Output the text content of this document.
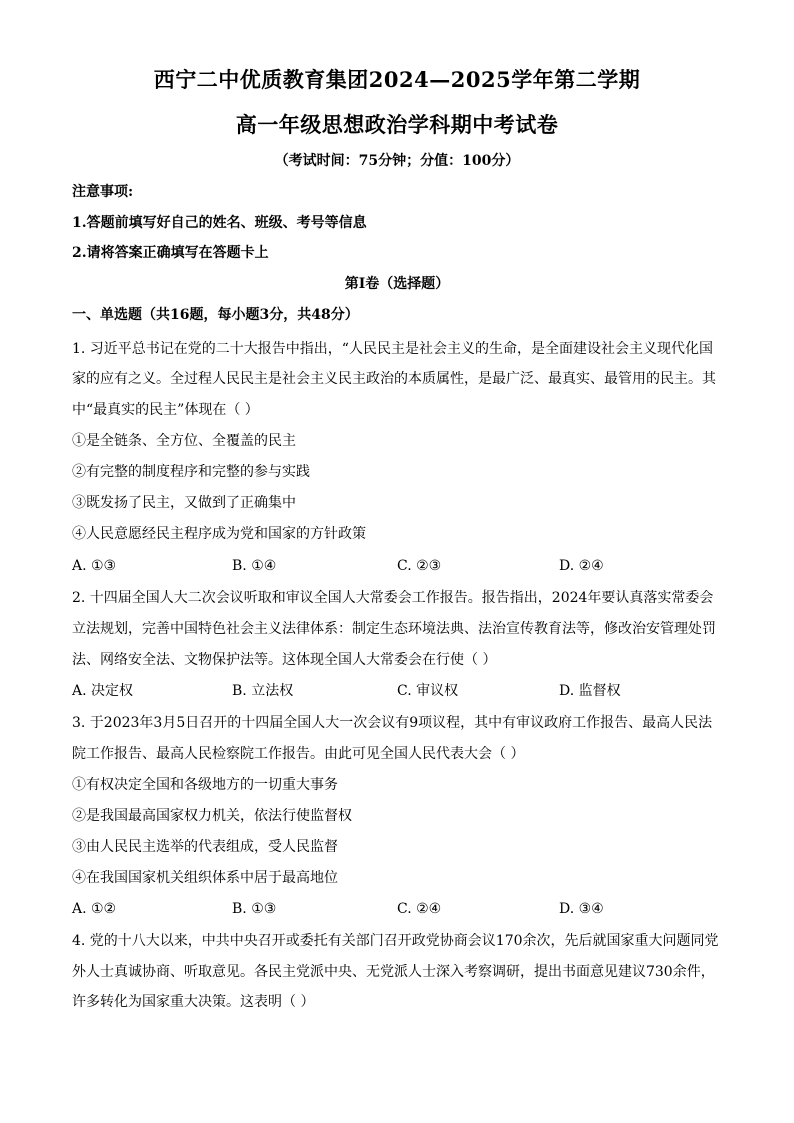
西宁二中优质教育集团2024—2025学年第二学期
高一年级思想政治学科期中考试卷
（考试时间：75分钟；分值：100分）
注意事项:
1.答题前填写好自己的姓名、班级、考号等信息
2.请将答案正确填写在答题卡上
第Ⅰ卷（选择题）
一、单选题（共16题，每小题3分，共48分）
1. 习近平总书记在党的二十大报告中指出，“人民民主是社会主义的生命，是全面建设社会主义现代化国
家的应有之义。全过程人民民主是社会主义民主政治的本质属性，是最广泛、最真实、最管用的民主。其
中“最真实的民主”体现在（ ）
①是全链条、全方位、全覆盖的民主
②有完整的制度程序和完整的参与实践
③既发扬了民主，又做到了正确集中
④人民意愿经民主程序成为党和国家的方针政策
A. ①③	B. ①④	C. ②③	D. ②④
2. 十四届全国人大二次会议听取和审议全国人大常委会工作报告。报告指出，2024年要认真落实常委会
立法规划，完善中国特色社会主义法律体系：制定生态环境法典、法治宣传教育法等，修改治安管理处罚
法、网络安全法、文物保护法等。这体现全国人大常委会在行使（ ）
A. 决定权	B. 立法权	C. 审议权	D. 监督权
3. 于2023年3月5日召开的十四届全国人大一次会议有9项议程，其中有审议政府工作报告、最高人民法
院工作报告、最高人民检察院工作报告。由此可见全国人民代表大会（ ）
①有权决定全国和各级地方的一切重大事务
②是我国最高国家权力机关，依法行使监督权
③由人民民主选举的代表组成，受人民监督
④在我国国家机关组织体系中居于最高地位
A. ①②	B. ①③	C. ②④	D. ③④
4. 党的十八大以来，中共中央召开或委托有关部门召开政党协商会议170余次，先后就国家重大问题同党
外人士真诚协商、听取意见。各民主党派中央、无党派人士深入考察调研，提出书面意见建议730余件，
许多转化为国家重大决策。这表明（ ）
